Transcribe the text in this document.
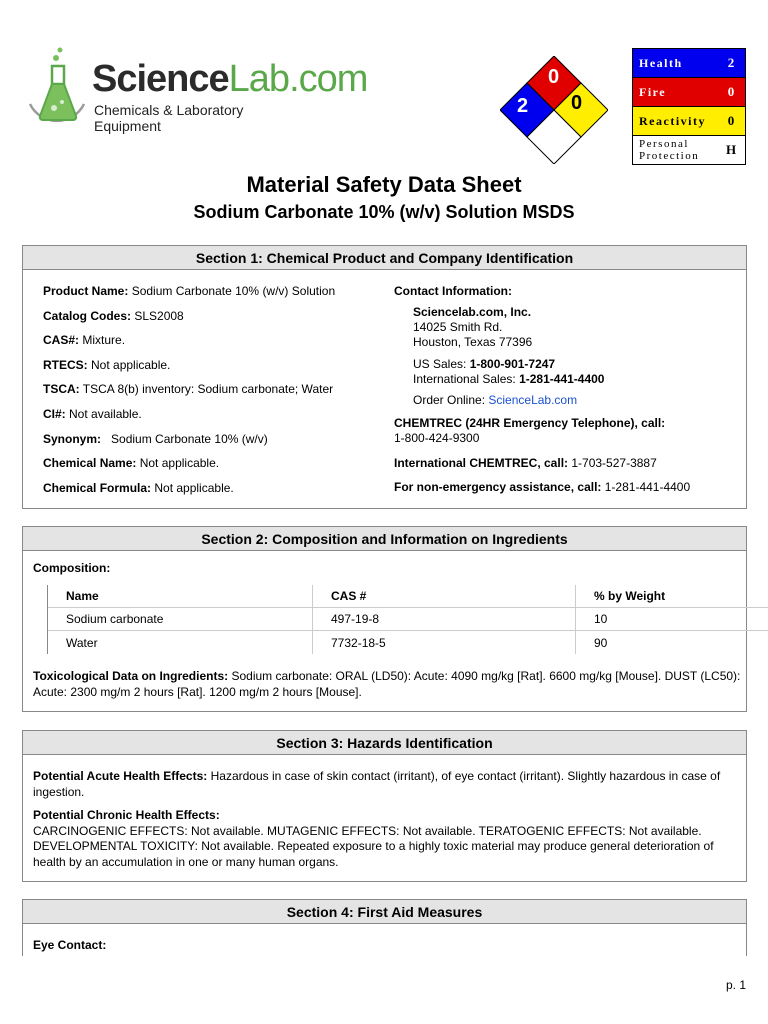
ScienceLab.com
Chemicals & Laboratory Equipment
0
2 0
Health	2
Fire	0
Reactivity	0
Personal
Protection	H
Material Safety Data Sheet
Sodium Carbonate 10% (w/v) Solution MSDS
Section 1: Chemical Product and Company Identification
Product Name: Sodium Carbonate 10% (w/v) Solution
Catalog Codes: SLS2008
CAS#: Mixture.
RTECS: Not applicable.
TSCA: TSCA 8(b) inventory: Sodium carbonate; Water
CI#: Not available.
Synonym:   Sodium Carbonate 10% (w/v)
Chemical Name: Not applicable.
Chemical Formula: Not applicable.
Contact Information:
Sciencelab.com, Inc.
14025 Smith Rd.
Houston, Texas 77396
US Sales: 1-800-901-7247
International Sales: 1-281-441-4400
Order Online: ScienceLab.com
CHEMTREC (24HR Emergency Telephone), call:
1-800-424-9300
International CHEMTREC, call: 1-703-527-3887
For non-emergency assistance, call: 1-281-441-4400
Section 2: Composition and Information on Ingredients
Composition:
Name	CAS #	% by Weight
Sodium carbonate	497-19-8	10
Water	7732-18-5	90
Toxicological Data on Ingredients: Sodium carbonate: ORAL (LD50): Acute: 4090 mg/kg [Rat]. 6600 mg/kg [Mouse]. DUST (LC50): Acute: 2300 mg/m 2 hours [Rat]. 1200 mg/m 2 hours [Mouse].
Section 3: Hazards Identification
Potential Acute Health Effects: Hazardous in case of skin contact (irritant), of eye contact (irritant). Slightly hazardous in case of ingestion.
Potential Chronic Health Effects:
CARCINOGENIC EFFECTS: Not available. MUTAGENIC EFFECTS: Not available. TERATOGENIC EFFECTS: Not available. DEVELOPMENTAL TOXICITY: Not available. Repeated exposure to a highly toxic material may produce general deterioration of health by an accumulation in one or many human organs.
Section 4: First Aid Measures
Eye Contact:
p. 1
